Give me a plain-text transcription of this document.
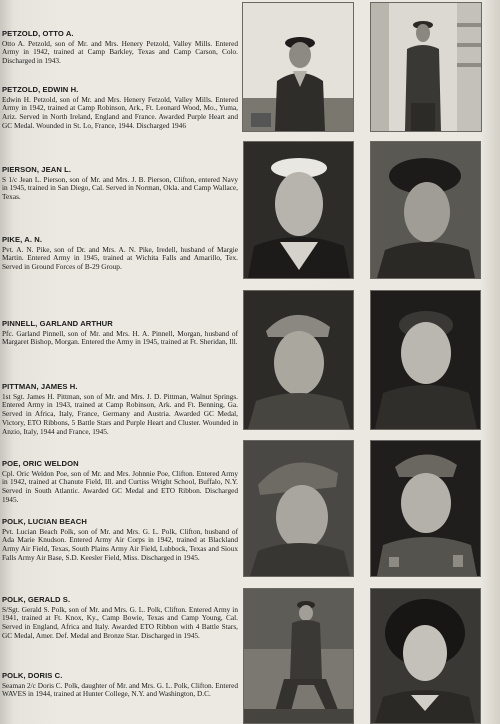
PETZOLD, OTTO A.
Otto A. Petzold, son of Mr. and Mrs. Henery Petzold, Valley Mills. Entered Army in 1942, trained at Camp Barkley, Texas and Camp Carson, Colo. Discharged in 1943.
PETZOLD, EDWIN H.
Edwin H. Petzold, son of Mr. and Mrs. Henery Fetzold, Valley Mills. Entered Army in 1942, trained at Camp Robinson, Ark., Ft. Leonard Wood, Mo., Yuma, Ariz. Served in North Ireland, England and France. Awarded Purple Heart and GC Medal. Wounded in St. Lo, France, 1944. Discharged 1946
PIERSON, JEAN L.
S 1/c Jean L. Pierson, son of Mr. and Mrs. J. B. Pierson, Clifton, entered Navy in 1945, trained in San Diego, Cal. Served in Norman, Okla. and Camp Wallace, Texas.
PIKE, A. N.
Pvt. A. N. Pike, son of Dr. and Mrs. A. N. Pike, Iredell, husband of Margie Martin. Entered Army in 1945, trained at Wichita Falls and Amarillo, Tex. Served in Ground Forces of B-29 Group.
PINNELL, GARLAND ARTHUR
Pfc. Garland Pinnell, son of Mr. and Mrs. H. A. Pinnell, Morgan, husband of Margaret Bishop, Morgan. Entered the Army in 1945, trained at Ft. Sheridan, Ill.
PITTMAN, JAMES H.
1st Sgt. James H. Pittman, son of Mr. and Mrs. J. D. Pittman, Walnut Springs. Entered Army in 1943, trained at Camp Robinson, Ark. and Ft. Benning, Ga. Served in Africa, Italy, France, Germany and Austria. Awarded GC Medal, Victory, ETO Ribbons, 5 Battle Stars and Purple Heart and Cluster. Wounded in Anzio, Italy, 1944 and France, 1945.
POE, ORIC WELDON
Cpl. Oric Weldon Poe, son of Mr. and Mrs. Johnnie Poe, Clifton. Entered Army in 1942, trained at Chanute Field, Ill. and Curtiss Wright School, Buffalo, N.Y. Served in South Atlantic. Awarded GC Medal and ETO Ribbon. Discharged 1945.
POLK, LUCIAN BEACH
Pvt. Lucian Beach Polk, son of Mr. and Mrs. G. L. Polk, Clifton, husband of Ada Marie Knudson. Entered Army Air Corps in 1942, trained at Blackland Army Air Field, Texas, South Plains Army Air Field, Lubbock, Texas and Sioux Falls Army Air Base, S.D. Keesler Field, Miss. Discharged in 1945.
POLK, GERALD S.
S/Sgt. Gerald S. Polk, son of Mr. and Mrs. G. L. Polk, Clifton. Entered Army in 1941, trained at Ft. Knox, Ky., Camp Bowie, Texas and Camp Young, Cal. Served in England, Africa and Italy. Awarded ETO Ribbon with 4 Battle Stars, GC Medal, Amer. Def. Medal and Bronze Star. Discharged in 1945.
POLK, DORIS C.
Seaman 2/c Doris C. Polk, daughter of Mr. and Mrs. G. L. Polk, Clifton. Entered WAVES in 1944, trained at Hunter College, N.Y. and Washington, D.C.
